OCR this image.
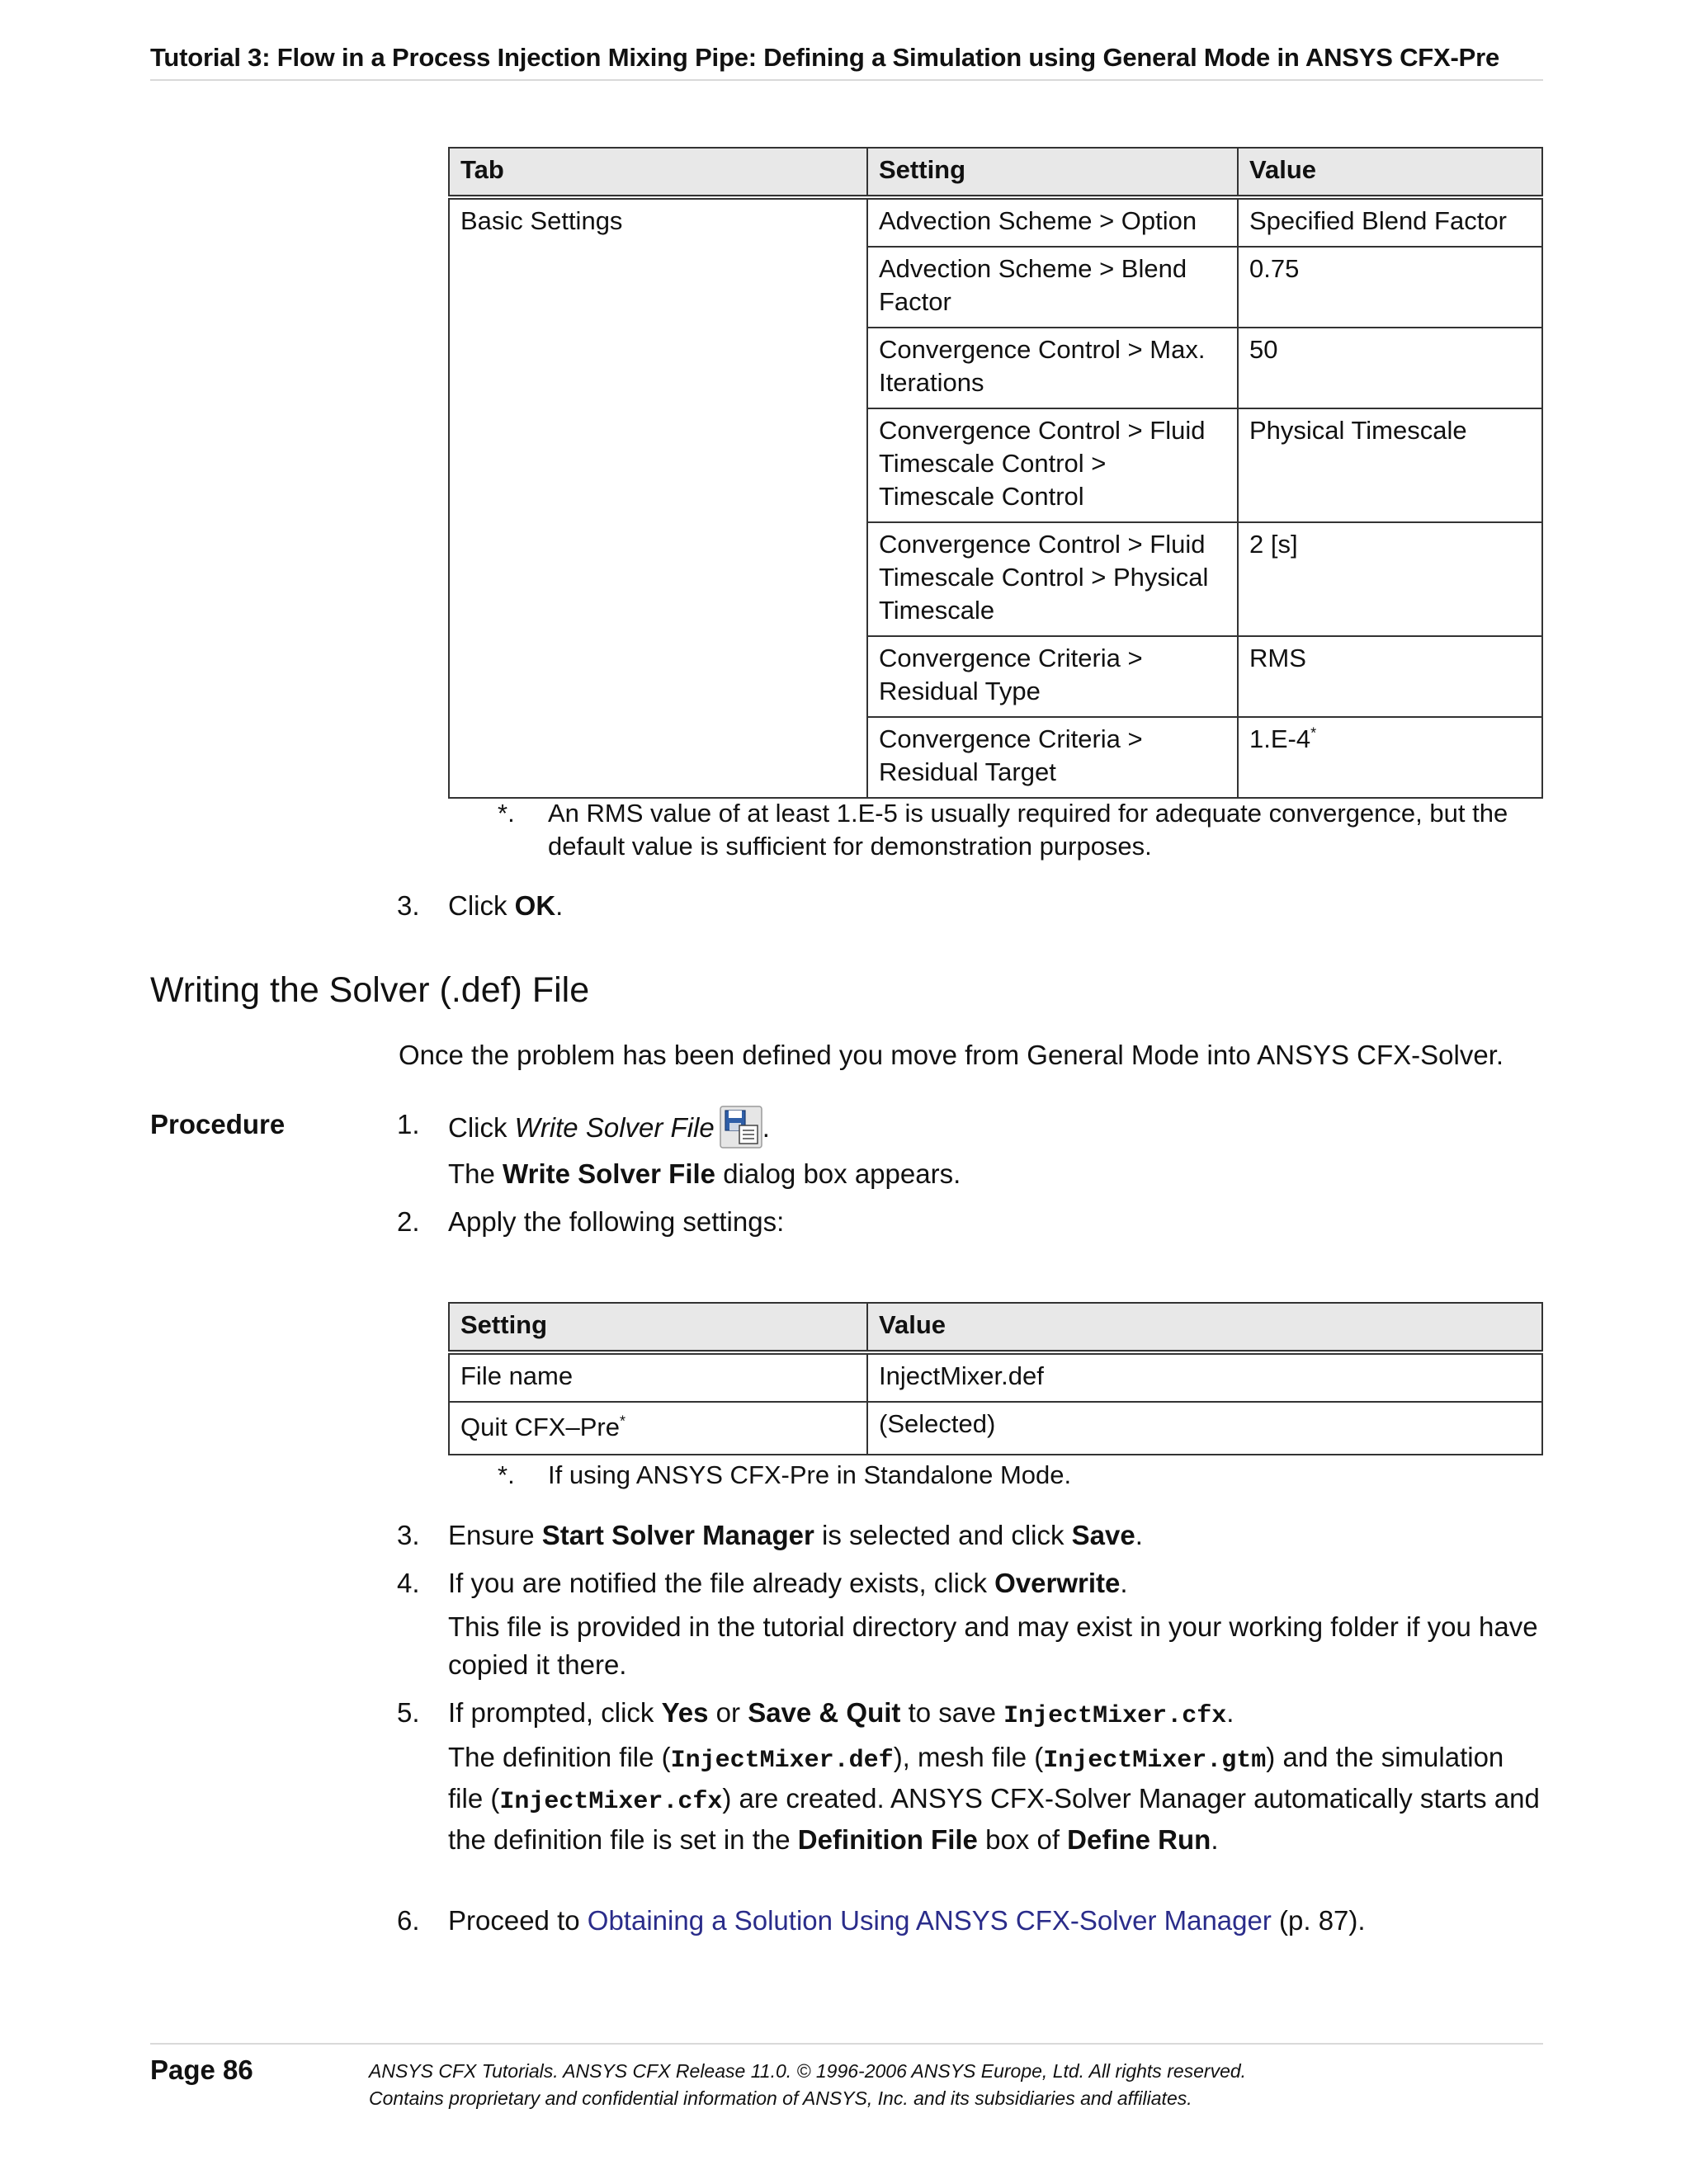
Tutorial 3: Flow in a Process Injection Mixing Pipe: Defining a Simulation using General Mode in ANSYS CFX-Pre
Tab	Setting	Value
Basic Settings	Advection Scheme > Option	Specified Blend Factor
	Advection Scheme > Blend Factor	0.75
	Convergence Control > Max. Iterations	50
	Convergence Control > Fluid Timescale Control > Timescale Control	Physical Timescale
	Convergence Control > Fluid Timescale Control > Physical Timescale	2 [s]
	Convergence Criteria > Residual Type	RMS
	Convergence Criteria > Residual Target	1.E-4*
*. An RMS value of at least 1.E-5 is usually required for adequate convergence, but the default value is sufficient for demonstration purposes.
3.	Click OK.
Writing the Solver (.def) File
Once the problem has been defined you move from General Mode into ANSYS CFX-Solver.
Procedure	1.	Click Write Solver File .
The Write Solver File dialog box appears.
2.	Apply the following settings:
Setting	Value
File name	InjectMixer.def
Quit CFX–Pre*	(Selected)
*. If using ANSYS CFX-Pre in Standalone Mode.
3.	Ensure Start Solver Manager is selected and click Save.
4.	If you are notified the file already exists, click Overwrite.
This file is provided in the tutorial directory and may exist in your working folder if you have copied it there.
5.	If prompted, click Yes or Save & Quit to save InjectMixer.cfx.
The definition file (InjectMixer.def), mesh file (InjectMixer.gtm) and the simulation file (InjectMixer.cfx) are created. ANSYS CFX-Solver Manager automatically starts and the definition file is set in the Definition File box of Define Run.
6.	Proceed to Obtaining a Solution Using ANSYS CFX-Solver Manager (p. 87).
Page 86	ANSYS CFX Tutorials. ANSYS CFX Release 11.0. © 1996-2006 ANSYS Europe, Ltd. All rights reserved.
Contains proprietary and confidential information of ANSYS, Inc. and its subsidiaries and affiliates.
